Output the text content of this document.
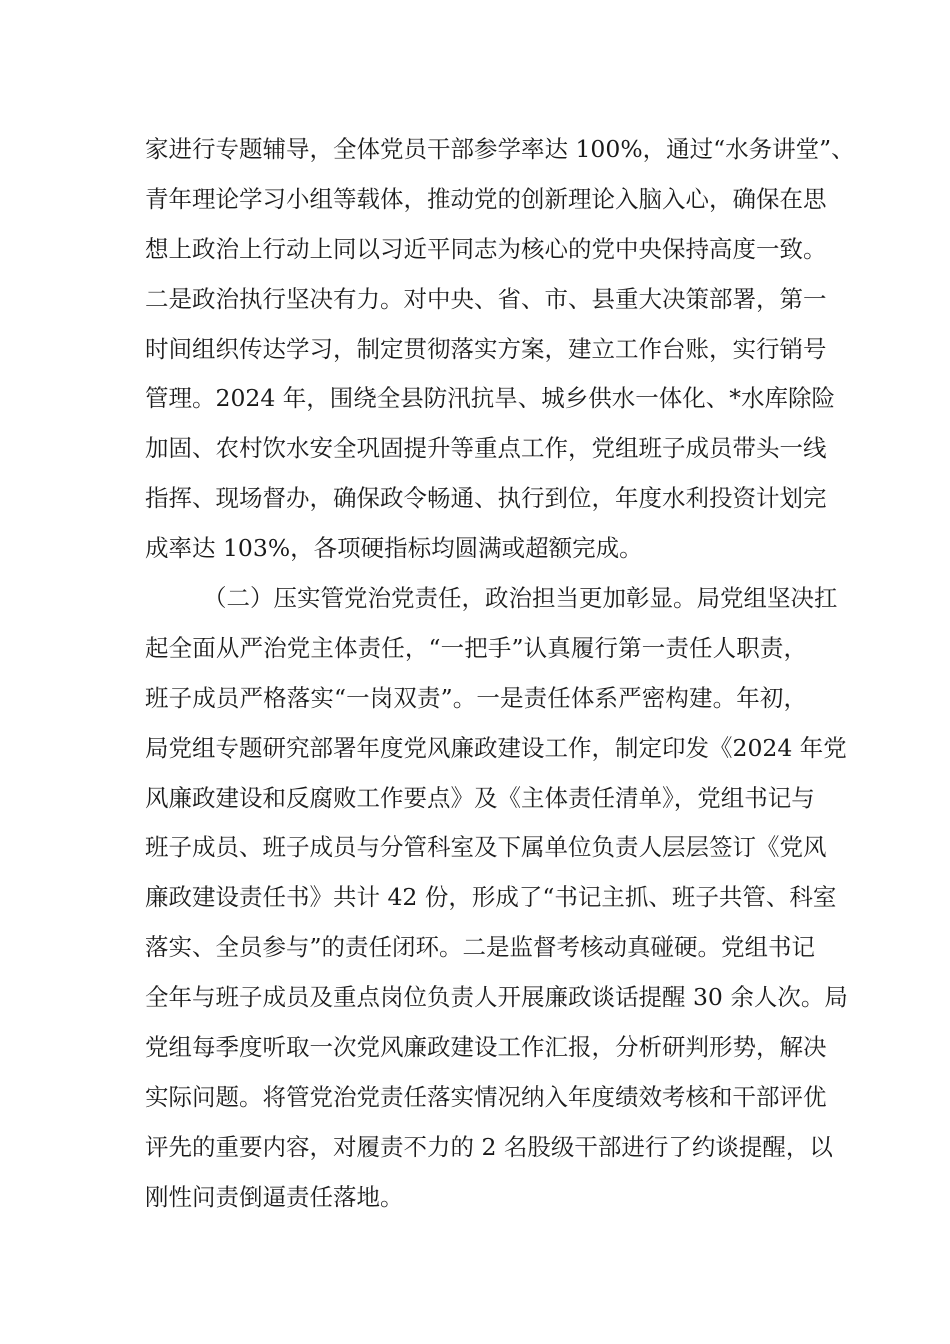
家进行专题辅导，全体党员干部参学率达 100%，通过“水务讲堂”、
青年理论学习小组等载体，推动党的创新理论入脑入心，确保在思
想上政治上行动上同以习近平同志为核心的党中央保持高度一致。
二是政治执行坚决有力。对中央、省、市、县重大决策部署，第一
时间组织传达学习，制定贯彻落实方案，建立工作台账，实行销号
管理。2024 年，围绕全县防汛抗旱、城乡供水一体化、*水库除险
加固、农村饮水安全巩固提升等重点工作，党组班子成员带头一线
指挥、现场督办，确保政令畅通、执行到位，年度水利投资计划完
成率达 103%，各项硬指标均圆满或超额完成。
（二）压实管党治党责任，政治担当更加彰显。局党组坚决扛
起全面从严治党主体责任，“一把手”认真履行第一责任人职责，
班子成员严格落实“一岗双责”。一是责任体系严密构建。年初，
局党组专题研究部署年度党风廉政建设工作，制定印发《2024 年党
风廉政建设和反腐败工作要点》及《主体责任清单》，党组书记与
班子成员、班子成员与分管科室及下属单位负责人层层签订《党风
廉政建设责任书》共计 42 份，形成了“书记主抓、班子共管、科室
落实、全员参与”的责任闭环。二是监督考核动真碰硬。党组书记
全年与班子成员及重点岗位负责人开展廉政谈话提醒 30 余人次。局
党组每季度听取一次党风廉政建设工作汇报，分析研判形势，解决
实际问题。将管党治党责任落实情况纳入年度绩效考核和干部评优
评先的重要内容，对履责不力的 2 名股级干部进行了约谈提醒，以
刚性问责倒逼责任落地。
